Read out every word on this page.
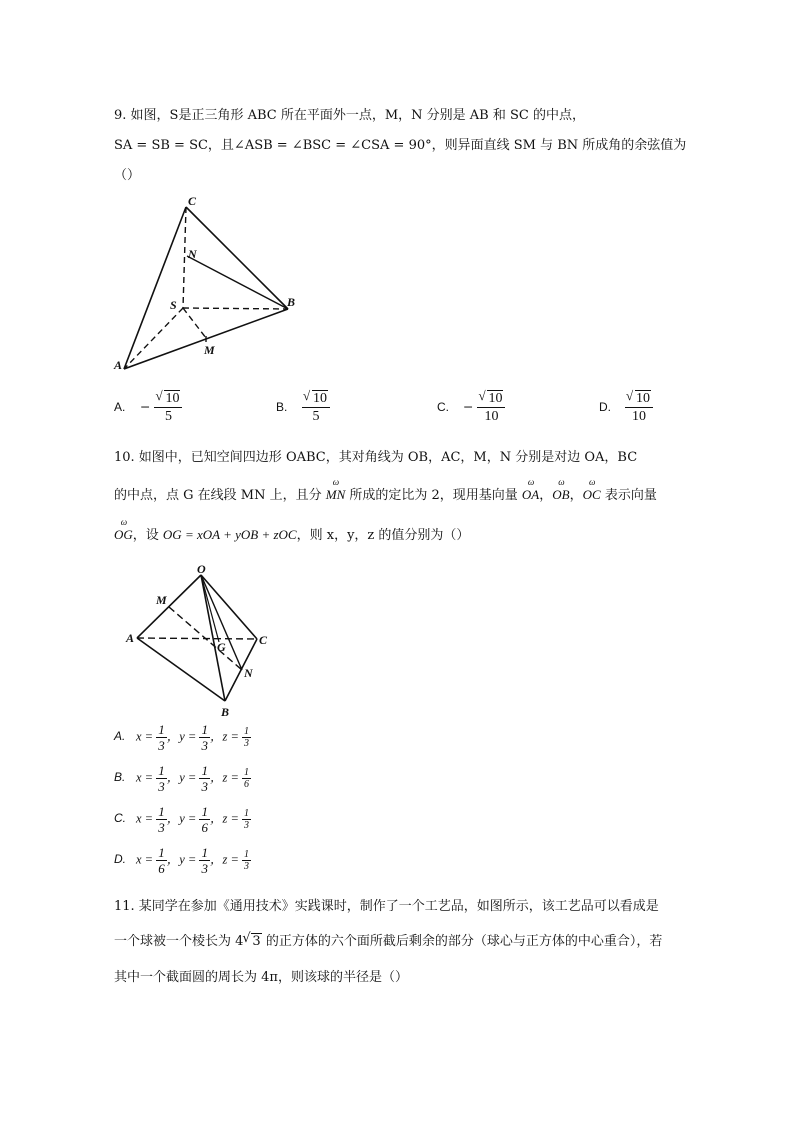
9. 如图，S是正三角形 ABC 所在平面外一点，M，N 分别是 AB 和 SC 的中点，
SA = SB = SC，且∠ASB = ∠BSC = ∠CSA = 90°，则异面直线 SM 与 BN 所成角的余弦值为
（）
C
N
S	B
M
A
A. − √ $\frac{10}{5}$	B. √ $\frac{10}{5}$	C. − √ $\frac{10}{10}$	D. √ $\frac{10}{10}$
10. 如图中，已知空间四边形 OABC，其对角线为 OB，AC，M，N 分别是对边 OA，BC
的中点，点 G 在线段 MN 上，且分 ω MN 所成的定比为 2，现用基向量 ω OA，ω OB，ω OC 表示向量
ω OG，设 OG = xOA + yOB + zOC，则 x，y，z 的值分别为（）
O
M
A
G	C
N
B
A. $x = \frac{1}{3}$ ，$y = \frac{1}{3}$ ，$z = \frac{1}{3}$
B. $x = \frac{1}{3}$ ，$y = \frac{1}{3}$ ，$z = \frac{1}{6}$
C. $x = \frac{1}{3}$ ，$y = \frac{1}{6}$ ，$z = \frac{1}{3}$
D. $x = \frac{1}{6}$ ，$y = \frac{1}{3}$ ，$z = \frac{1}{3}$
11. 某同学在参加《通用技术》实践课时，制作了一个工艺品，如图所示，该工艺品可以看成是
一个球被一个棱长为 4 √ 3 的正方体的六个面所截后剩余的部分（球心与正方体的中心重合），若
其中一个截面圆的周长为 4π，则该球的半径是（）
